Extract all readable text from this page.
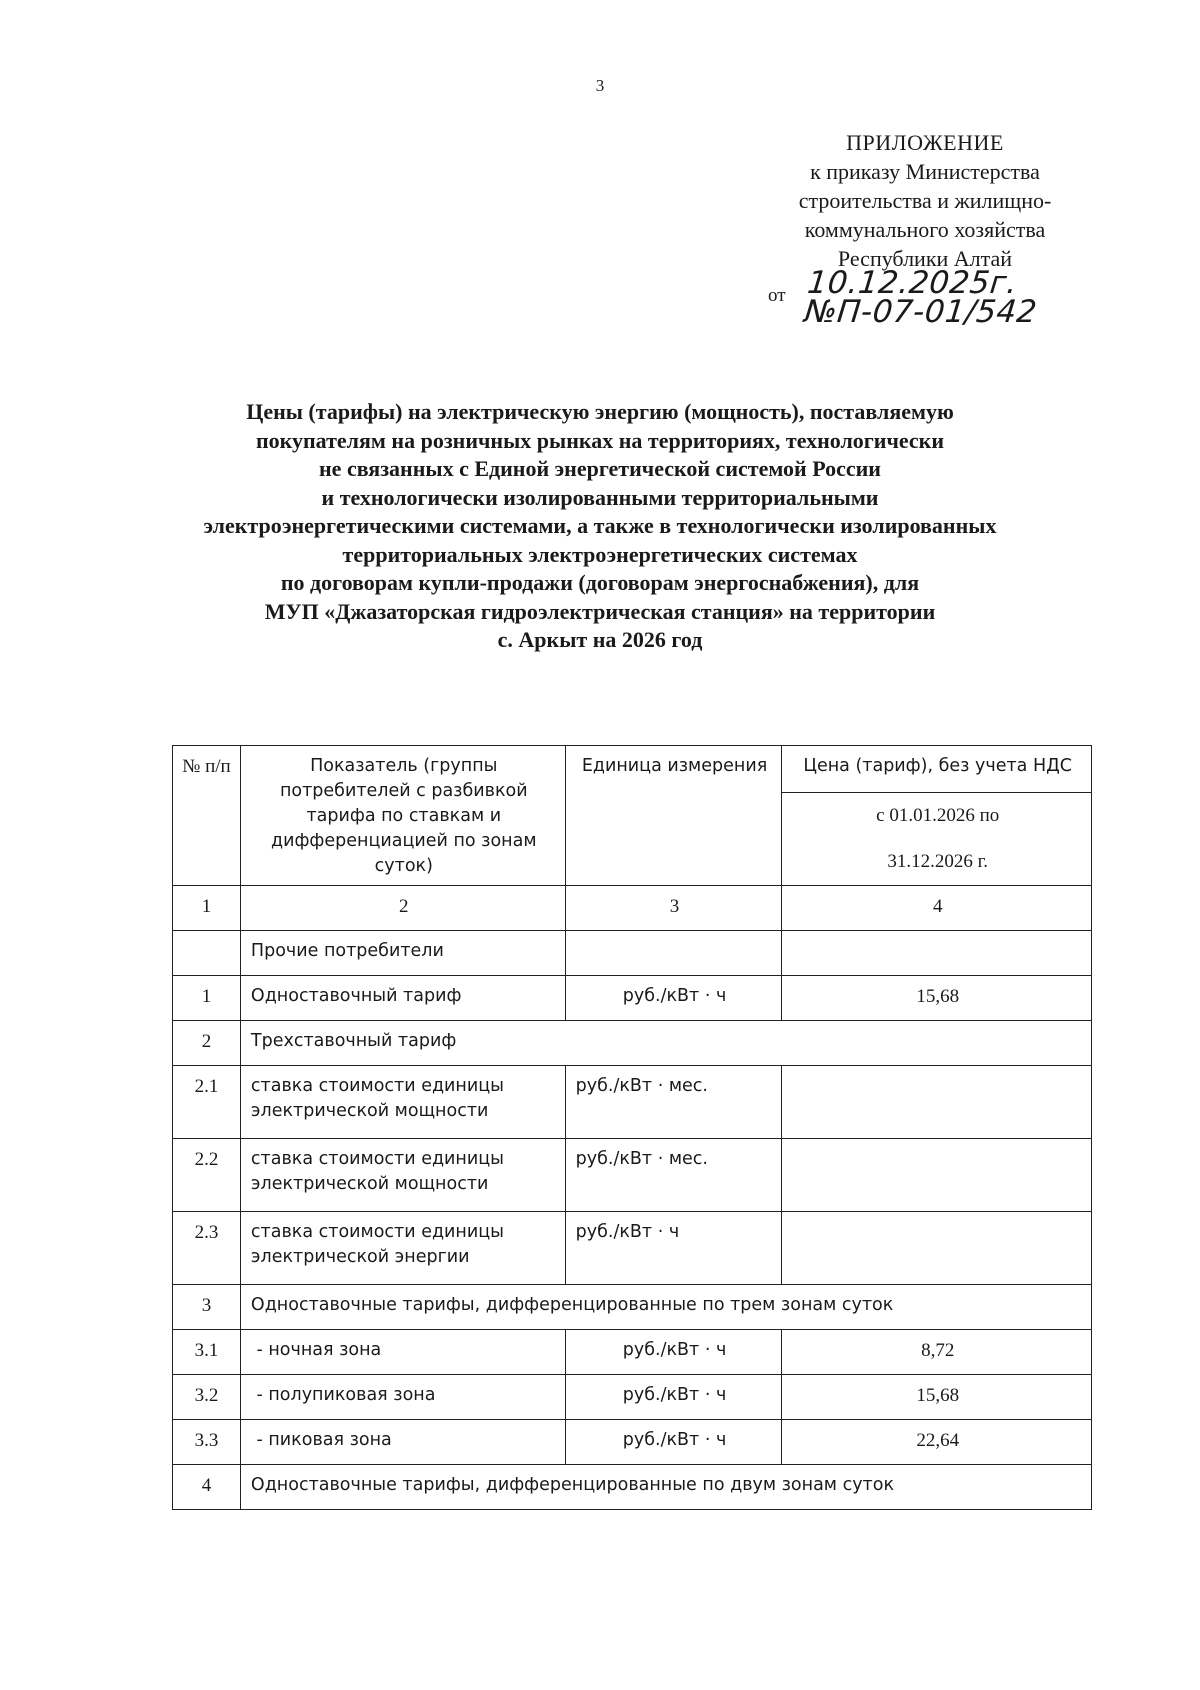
3
ПРИЛОЖЕНИЕ
к приказу Министерства
строительства и жилищно-
коммунального хозяйства
Республики Алтай
от 10.12.2025г. №П-07-01/542
Цены (тарифы) на электрическую энергию (мощность), поставляемую
покупателям на розничных рынках на территориях, технологически
не связанных с Единой энергетической системой России
и технологически изолированными территориальными
электроэнергетическими системами, а также в технологически изолированных
территориальных электроэнергетических системах
по договорам купли-продажи (договорам энергоснабжения), для
МУП «Джазаторская гидроэлектрическая станция» на территории
с. Аркыт на 2026 год
№ п/п	Показатель (группы потребителей с разбивкой тарифа по ставкам и дифференциацией по зонам суток)	Единица измерения	Цена (тариф), без учета НДС

			с 01.01.2026 по
31.12.2026 г.

1	2	3	4
	Прочие потребители		
1	Одноставочный тариф	руб./кВт · ч	15,68
2	Трехставочный тариф		
2.1	ставка стоимости единицы электрической мощности	руб./кВт · мес.	
2.2	ставка стоимости единицы электрической мощности	руб./кВт · мес.	
2.3	ставка стоимости единицы электрической энергии	руб./кВт · ч	
3	Одноставочные тарифы, дифференцированные по трем зонам суток		
3.1	- ночная зона	руб./кВт · ч	8,72
3.2	- полупиковая зона	руб./кВт · ч	15,68
3.3	- пиковая зона	руб./кВт · ч	22,64
4	Одноставочные тарифы, дифференцированные по двум зонам суток		
